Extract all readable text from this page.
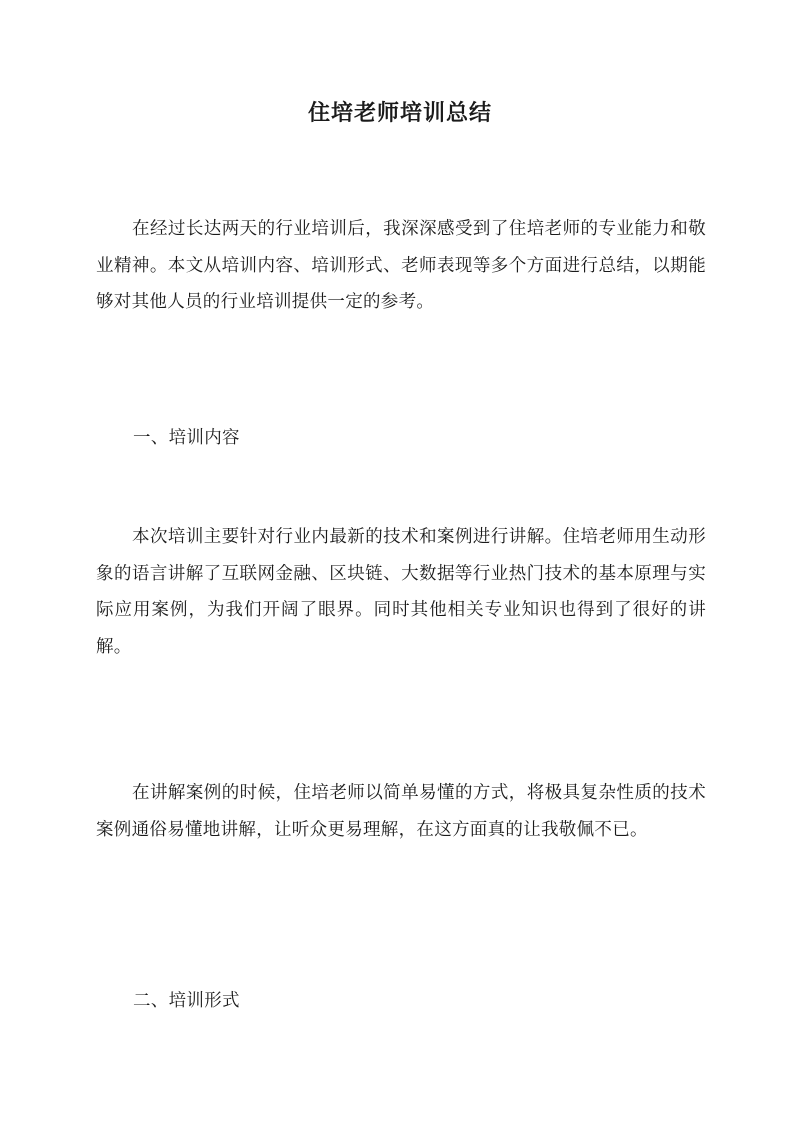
住培老师培训总结

在经过长达两天的行业培训后，我深深感受到了住培老师的专业能力和敬业精神。本文从培训内容、培训形式、老师表现等多个方面进行总结，以期能够对其他人员的行业培训提供一定的参考。

一、培训内容

本次培训主要针对行业内最新的技术和案例进行讲解。住培老师用生动形象的语言讲解了互联网金融、区块链、大数据等行业热门技术的基本原理与实际应用案例，为我们开阔了眼界。同时其他相关专业知识也得到了很好的讲解。

在讲解案例的时候，住培老师以简单易懂的方式，将极具复杂性质的技术案例通俗易懂地讲解，让听众更易理解，在这方面真的让我敬佩不已。

二、培训形式
